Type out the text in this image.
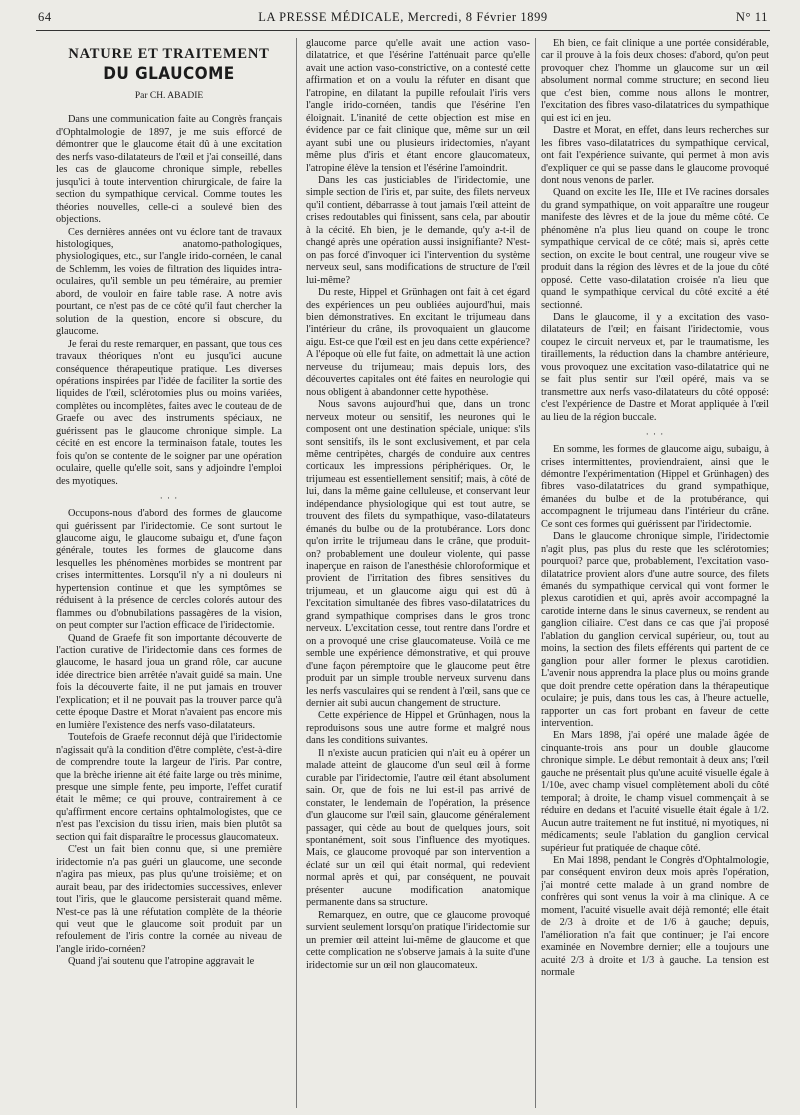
64	LA PRESSE MÉDICALE, Mercredi, 8 Février 1899	N° 11
NATURE ET TRAITEMENT
DU GLAUCOME
Par CH. ABADIE

Dans une communication faite au Congrès français d'Ophtalmologie de 1897, je me suis efforcé de démontrer que le glaucome était dû à une excitation des nerfs vaso-dilatateurs de l'œil et j'ai conseillé, dans les cas de glaucome chronique simple, rebelles jusqu'ici à toute intervention chirurgicale, de faire la section du sympathique cervical. Comme toutes les théories nouvelles, celle-ci a soulevé bien des objections.

Ces dernières années ont vu éclore tant de travaux histologiques, anatomo-pathologiques, physiologiques, etc., sur l'angle irido-cornéen, le canal de Schlemm, les voies de filtration des liquides intra-oculaires, qu'il semble un peu téméraire, au premier abord, de vouloir en faire table rase. A notre avis pourtant, ce n'est pas de ce côté qu'il faut chercher la solution de la question, encore si obscure, du glaucome.

Je ferai du reste remarquer, en passant, que tous ces travaux théoriques n'ont eu jusqu'ici aucune conséquence thérapeutique pratique. Les diverses opérations inspirées par l'idée de faciliter la sortie des liquides de l'œil, sclérotomies plus ou moins variées, complètes ou incomplètes, faites avec le couteau de de Graefe ou avec des instruments spéciaux, ne guérissent pas le glaucome chronique simple. La cécité en est encore la terminaison fatale, toutes les fois qu'on se contente de le soigner par une opération oculaire, quelle qu'elle soit, sans y adjoindre l'emploi des myotiques.

· · ·

Occupons-nous d'abord des formes de glaucome qui guérissent par l'iridectomie. Ce sont surtout le glaucome aigu, le glaucome subaigu et, d'une façon générale, toutes les formes de glaucome dans lesquelles les phénomènes morbides se montrent par crises intermittentes. Lorsqu'il n'y a ni douleurs ni hypertension continue et que les symptômes se réduisent à la présence de cercles colorés autour des flammes ou d'obnubilations passagères de la vision, on peut compter sur l'action efficace de l'iridectomie.

Quand de Graefe fit son importante découverte de l'action curative de l'iridectomie dans ces formes de glaucome, le hasard joua un grand rôle, car aucune idée directrice bien arrêtée n'avait guidé sa main. Une fois la découverte faite, il ne put jamais en trouver l'explication; et il ne pouvait pas la trouver parce qu'à cette époque Dastre et Morat n'avaient pas encore mis en lumière l'existence des nerfs vaso-dilatateurs.

Toutefois de Graefe reconnut déjà que l'iridectomie n'agissait qu'à la condition d'être complète, c'est-à-dire de comprendre toute la largeur de l'iris. Par contre, que la brèche irienne ait été faite large ou très minime, presque une simple fente, peu importe, l'effet curatif était le même; ce qui prouve, contrairement à ce qu'affirment encore certains ophtalmologistes, que ce n'est pas l'excision du tissu irien, mais bien plutôt sa section qui fait disparaître le processus glaucomateux.

C'est un fait bien connu que, si une première iridectomie n'a pas guéri un glaucome, une seconde n'agira pas mieux, pas plus qu'une troisième; et on aurait beau, par des iridectomies successives, enlever tout l'iris, que le glaucome persisterait quand même. N'est-ce pas là une réfutation complète de la théorie qui veut que le glaucome soit produit par un refoulement de l'iris contre la cornée au niveau de l'angle irido-cornéen?

Quand j'ai soutenu que l'atropine aggravait le

glaucome parce qu'elle avait une action vaso-dilatatrice, et que l'ésérine l'atténuait parce qu'elle avait une action vaso-constrictive, on a contesté cette affirmation et on a voulu la réfuter en disant que l'atropine, en dilatant la pupille refoulait l'iris vers l'angle irido-cornéen, tandis que l'ésérine l'en éloignait. L'inanité de cette objection est mise en évidence par ce fait clinique que, même sur un œil ayant subi une ou plusieurs iridectomies, n'ayant même plus d'iris et étant encore glaucomateux, l'atropine élève la tension et l'ésérine l'amoindrit.

Dans les cas justiciables de l'iridectomie, une simple section de l'iris et, par suite, des filets nerveux qu'il contient, débarrasse à tout jamais l'œil atteint de crises redoutables qui finissent, sans cela, par aboutir à la cécité. Eh bien, je le demande, qu'y a-t-il de changé après une opération aussi insignifiante? N'est-on pas forcé d'invoquer ici l'intervention du système nerveux seul, sans modifications de structure de l'œil lui-même?

Du reste, Hippel et Grünhagen ont fait à cet égard des expériences un peu oubliées aujourd'hui, mais bien démonstratives. En excitant le trijumeau dans l'intérieur du crâne, ils provoquaient un glaucome aigu. Est-ce que l'œil est en jeu dans cette expérience? A l'époque où elle fut faite, on admettait là une action nerveuse du trijumeau; mais depuis lors, des découvertes capitales ont été faites en neurologie qui nous obligent à abandonner cette hypothèse.

Nous savons aujourd'hui que, dans un tronc nerveux moteur ou sensitif, les neurones qui le composent ont une destination spéciale, unique: s'ils sont sensitifs, ils le sont exclusivement, et par cela même centripètes, chargés de conduire aux centres corticaux les impressions périphériques. Or, le trijumeau est essentiellement sensitif; mais, à côté de lui, dans la même gaine celluleuse, et conservant leur indépendance physiologique qui est tout autre, se trouvent des filets du sympathique, vaso-dilatateurs émanés du bulbe ou de la protubérance. Lors donc qu'on irrite le trijumeau dans le crâne, que produit-on? probablement une douleur violente, qui passe inaperçue en raison de l'anesthésie chloroformique et provient de l'irritation des fibres sensitives du trijumeau, et un glaucome aigu qui est dû à l'excitation simultanée des fibres vaso-dilatatrices du grand sympathique comprises dans le gros tronc nerveux. L'excitation cesse, tout rentre dans l'ordre et on a provoqué une crise glaucomateuse. Voilà ce me semble une expérience démonstrative, et qui prouve d'une façon péremptoire que le glaucome peut être produit par un simple trouble nerveux survenu dans les nerfs vasculaires qui se rendent à l'œil, sans que ce dernier ait subi aucun changement de structure.

Cette expérience de Hippel et Grünhagen, nous la reproduisons sous une autre forme et malgré nous dans les conditions suivantes.

Il n'existe aucun praticien qui n'ait eu à opérer un malade atteint de glaucome d'un seul œil à forme curable par l'iridectomie, l'autre œil étant absolument sain. Or, que de fois ne lui est-il pas arrivé de constater, le lendemain de l'opération, la présence d'un glaucome sur l'œil sain, glaucome généralement passager, qui cède au bout de quelques jours, soit spontanément, soit sous l'influence des myotiques. Mais, ce glaucome provoqué par son intervention a éclaté sur un œil qui était normal, qui redevient normal après et qui, par conséquent, ne pouvait présenter aucune modification anatomique permanente dans sa structure.

Remarquez, en outre, que ce glaucome provoqué survient seulement lorsqu'on pratique l'iridectomie sur un premier œil atteint lui-même de glaucome et que cette complication ne s'observe jamais à la suite d'une iridectomie sur un œil non glaucomateux.

Eh bien, ce fait clinique a une portée considérable, car il prouve à la fois deux choses: d'abord, qu'on peut provoquer chez l'homme un glaucome sur un œil absolument normal comme structure; en second lieu que c'est bien, comme nous allons le montrer, l'excitation des fibres vaso-dilatatrices du sympathique qui est ici en jeu.

Dastre et Morat, en effet, dans leurs recherches sur les fibres vaso-dilatatrices du sympathique cervical, ont fait l'expérience suivante, qui permet à mon avis d'expliquer ce qui se passe dans le glaucome provoqué dont nous venons de parler.

Quand on excite les IIe, IIIe et IVe racines dorsales du grand sympathique, on voit apparaître une rougeur manifeste des lèvres et de la joue du même côté. Ce phénomène n'a plus lieu quand on coupe le tronc sympathique cervical de ce côté; mais si, après cette section, on excite le bout central, une rougeur vive se produit dans la région des lèvres et de la joue du côté opposé. Cette vaso-dilatation croisée n'a lieu que quand le sympathique cervical du côté excité a été sectionné.

Dans le glaucome, il y a excitation des vaso-dilatateurs de l'œil; en faisant l'iridectomie, vous coupez le circuit nerveux et, par le traumatisme, les tiraillements, la réduction dans la chambre antérieure, vous provoquez une excitation vaso-dilatatrice qui ne se fait plus sentir sur l'œil opéré, mais va se transmettre aux nerfs vaso-dilatateurs du côté opposé: c'est l'expérience de Dastre et Morat appliquée à l'œil au lieu de la région buccale.

· · ·

En somme, les formes de glaucome aigu, subaigu, à crises intermittentes, proviendraient, ainsi que le démontre l'expérimentation (Hippel et Grünhagen) des fibres vaso-dilatatrices du grand sympathique, émanées du bulbe et de la protubérance, qui accompagnent le trijumeau dans l'intérieur du crâne. Ce sont ces formes qui guérissent par l'iridectomie.

Dans le glaucome chronique simple, l'iridectomie n'agit plus, pas plus du reste que les sclérotomies; pourquoi? parce que, probablement, l'excitation vaso-dilatatrice provient alors d'une autre source, des filets émanés du sympathique cervical qui vont former le plexus carotidien et qui, après avoir accompagné la carotide interne dans le sinus caverneux, se rendent au ganglion ciliaire. C'est dans ce cas que j'ai proposé l'ablation du ganglion cervical supérieur, ou, tout au moins, la section des filets efférents qui partent de ce ganglion pour aller former le plexus carotidien. L'avenir nous apprendra la place plus ou moins grande que doit prendre cette opération dans la thérapeutique oculaire; je puis, dans tous les cas, à l'heure actuelle, rapporter un cas fort probant en faveur de cette intervention.

En Mars 1898, j'ai opéré une malade âgée de cinquante-trois ans pour un double glaucome chronique simple. Le début remontait à deux ans; l'œil gauche ne présentait plus qu'une acuité visuelle égale à 1/10e, avec champ visuel complètement aboli du côté temporal; à droite, le champ visuel commençait à se réduire en dedans et l'acuité visuelle était égale à 1/2. Aucun autre traitement ne fut institué, ni myotiques, ni médicaments; seule l'ablation du ganglion cervical supérieur fut pratiquée de chaque côté.

En Mai 1898, pendant le Congrès d'Ophtalmologie, par conséquent environ deux mois après l'opération, j'ai montré cette malade à un grand nombre de confrères qui sont venus la voir à ma clinique. A ce moment, l'acuité visuelle avait déjà remonté; elle était de 2/3 à droite et de 1/6 à gauche; depuis, l'amélioration n'a fait que continuer; je l'ai encore examinée en Novembre dernier; elle a toujours une acuité 2/3 à droite et 1/3 à gauche. La tension est normale
